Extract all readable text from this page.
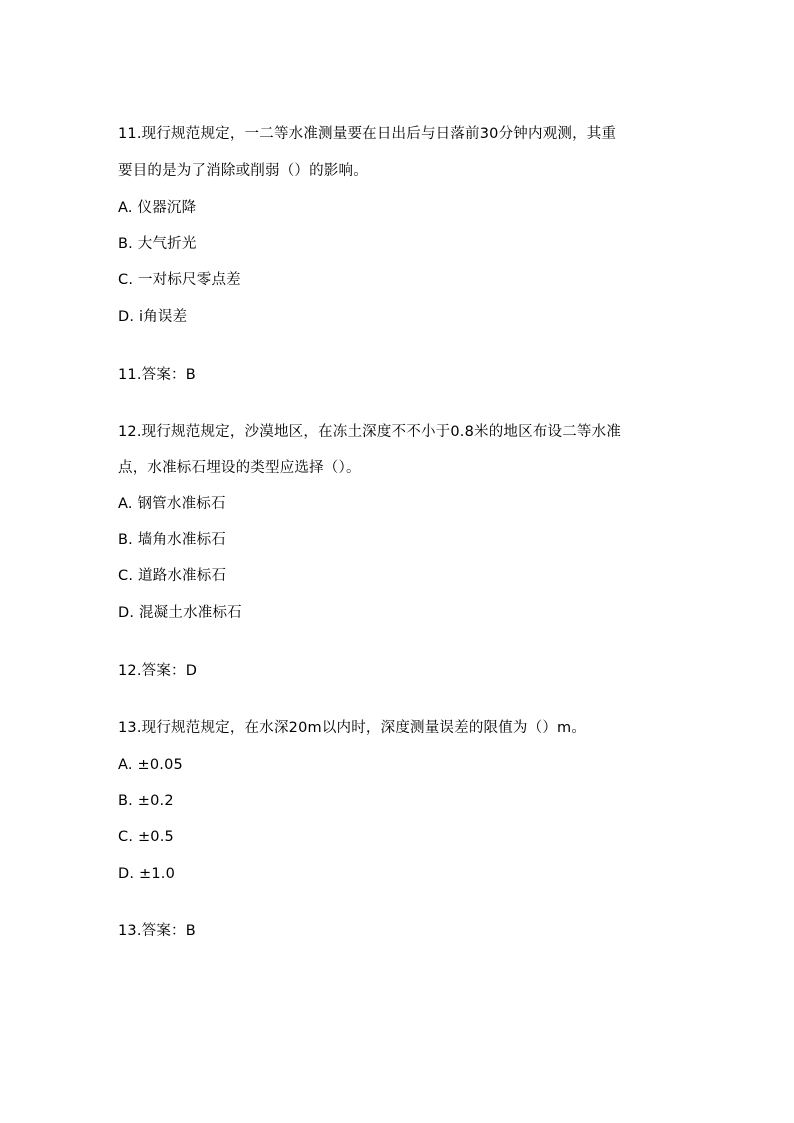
11.现行规范规定，一二等水准测量要在日出后与日落前30分钟内观测，其重
要目的是为了消除或削弱（）的影响。
A. 仪器沉降
B. 大气折光
C. 一对标尺零点差
D. i角误差
11.答案：B
12.现行规范规定，沙漠地区，在冻土深度不不小于0.8米的地区布设二等水准
点，水准标石埋设的类型应选择（）。
A. 钢管水准标石
B. 墙角水准标石
C. 道路水准标石
D. 混凝土水准标石
12.答案：D
13.现行规范规定，在水深20m以内时，深度测量误差的限值为（）m。
A. ±0.05
B. ±0.2
C. ±0.5
D. ±1.0
13.答案：B
